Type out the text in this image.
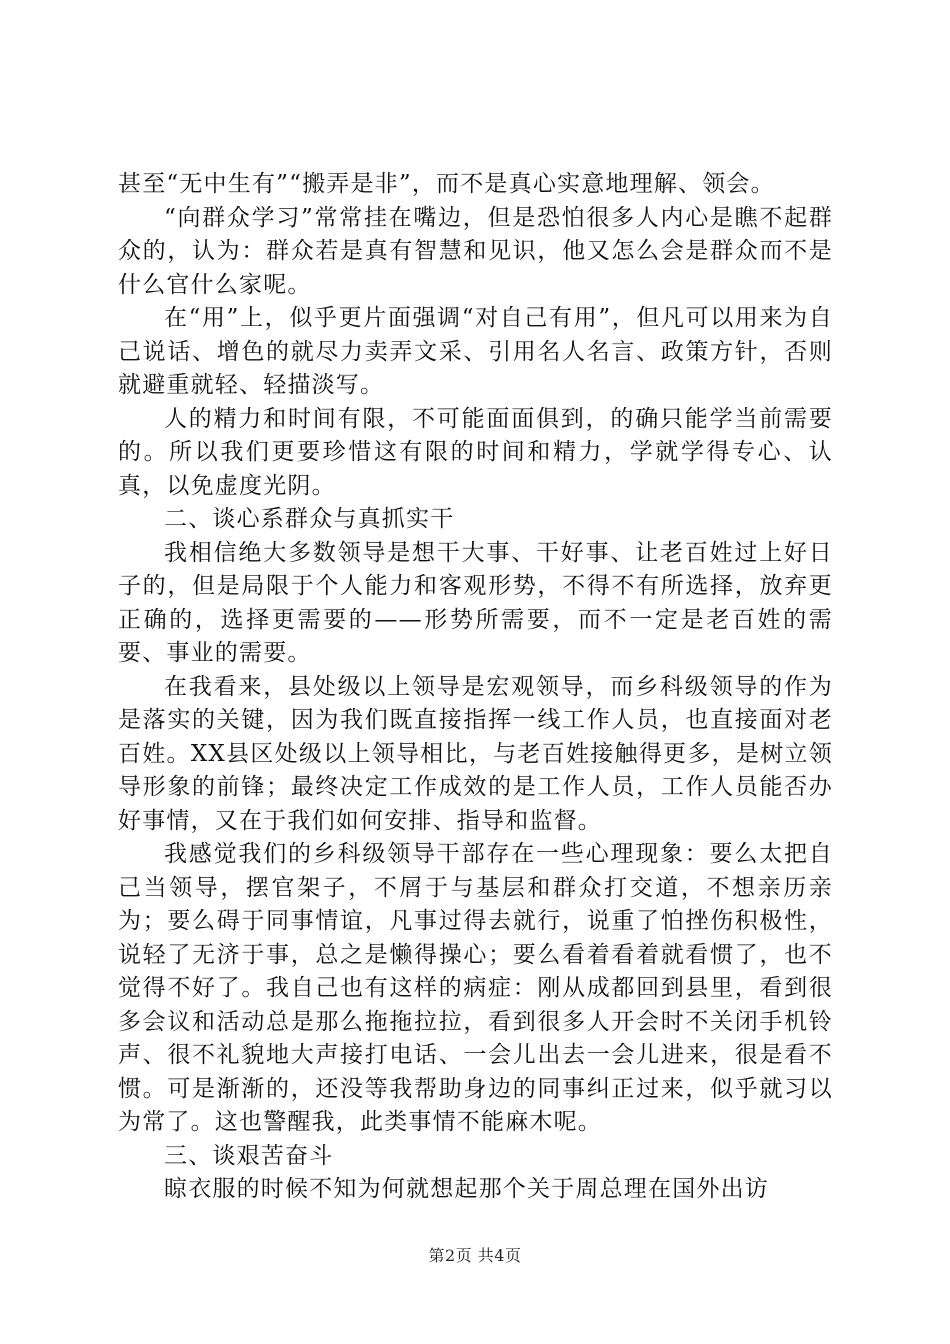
甚至“无中生有”“搬弄是非”，而不是真心实意地理解、领会。

“向群众学习”常常挂在嘴边，但是恐怕很多人内心是瞧不起群众的，认为：群众若是真有智慧和见识，他又怎么会是群众而不是什么官什么家呢。

在“用”上，似乎更片面强调“对自己有用”，但凡可以用来为自己说话、增色的就尽力卖弄文采、引用名人名言、政策方针，否则就避重就轻、轻描淡写。

人的精力和时间有限，不可能面面俱到，的确只能学当前需要的。所以我们更要珍惜这有限的时间和精力，学就学得专心、认真，以免虚度光阴。

二、谈心系群众与真抓实干

我相信绝大多数领导是想干大事、干好事、让老百姓过上好日子的，但是局限于个人能力和客观形势，不得不有所选择，放弃更正确的，选择更需要的——形势所需要，而不一定是老百姓的需要、事业的需要。

在我看来，县处级以上领导是宏观领导，而乡科级领导的作为是落实的关键，因为我们既直接指挥一线工作人员，也直接面对老百姓。XX县区处级以上领导相比，与老百姓接触得更多，是树立领导形象的前锋；最终决定工作成效的是工作人员，工作人员能否办好事情，又在于我们如何安排、指导和监督。

我感觉我们的乡科级领导干部存在一些心理现象：要么太把自己当领导，摆官架子，不屑于与基层和群众打交道，不想亲历亲为；要么碍于同事情谊，凡事过得去就行，说重了怕挫伤积极性，说轻了无济于事，总之是懒得操心；要么看着看着就看惯了，也不觉得不好了。我自己也有这样的病症：刚从成都回到县里，看到很多会议和活动总是那么拖拖拉拉，看到很多人开会时不关闭手机铃声、很不礼貌地大声接打电话、一会儿出去一会儿进来，很是看不惯。可是渐渐的，还没等我帮助身边的同事纠正过来，似乎就习以为常了。这也警醒我，此类事情不能麻木呢。

三、谈艰苦奋斗

晾衣服的时候不知为何就想起那个关于周总理在国外出访

第2页 共4页
